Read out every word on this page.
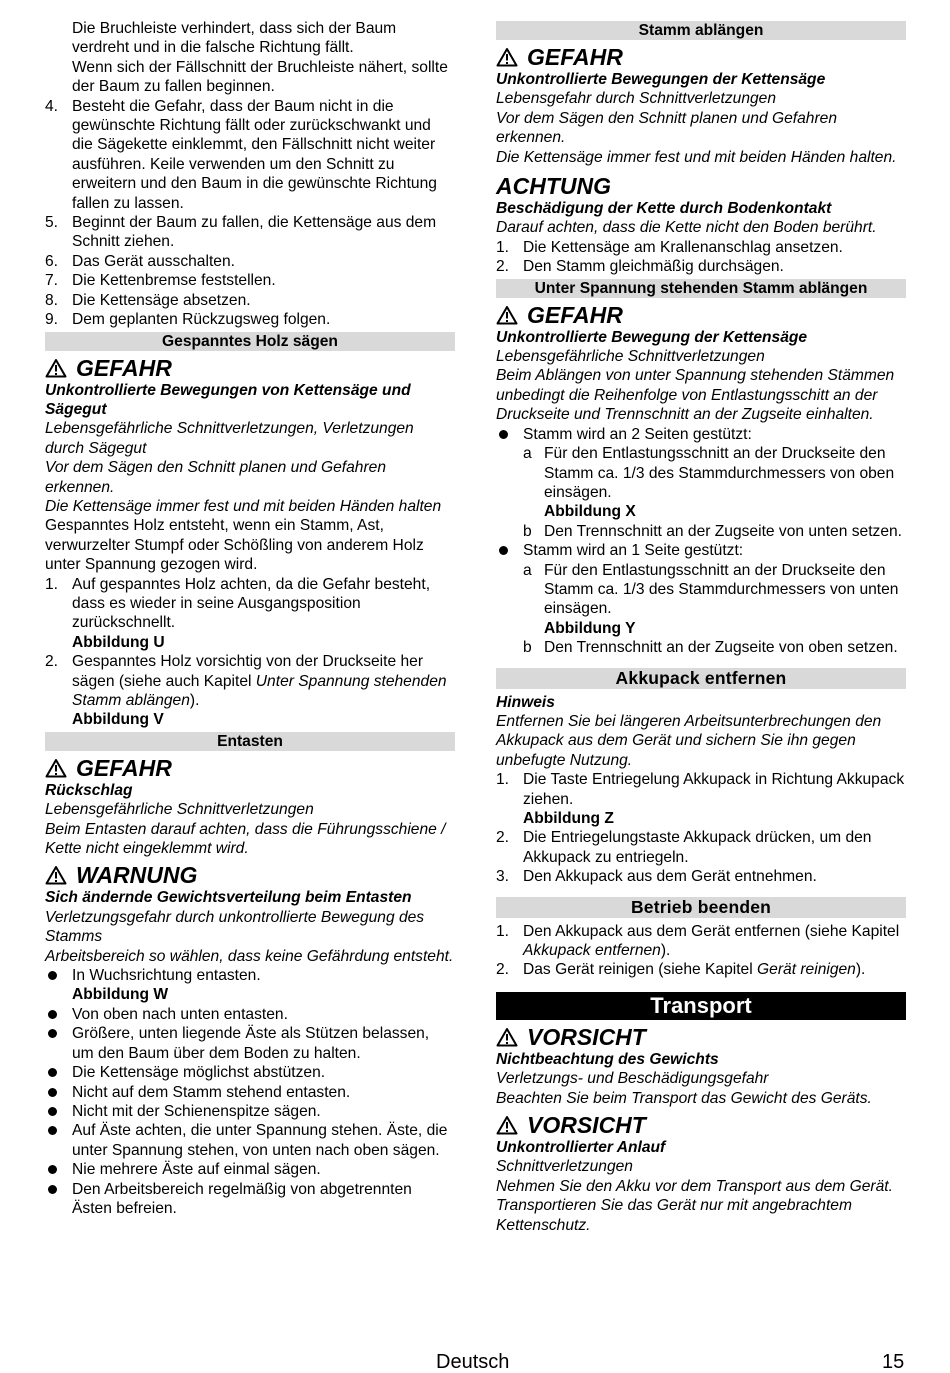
Die Bruchleiste verhindert, dass sich der Baum verdreht und in die falsche Richtung fällt.

Wenn sich der Fällschnitt der Bruchleiste nähert, sollte der Baum zu fallen beginnen.

4. Besteht die Gefahr, dass der Baum nicht in die gewünschte Richtung fällt oder zurückschwankt und die Sägekette einklemmt, den Fällschnitt nicht weiter ausführen. Keile verwenden um den Schnitt zu erweitern und den Baum in die gewünschte Richtung fallen zu lassen.
5. Beginnt der Baum zu fallen, die Kettensäge aus dem Schnitt ziehen.
6. Das Gerät ausschalten.
7. Die Kettenbremse feststellen.
8. Die Kettensäge absetzen.
9. Dem geplanten Rückzugsweg folgen.
Gespanntes Holz sägen
GEFAHR

Unkontrollierte Bewegungen von Kettensäge und Sägegut

Lebensgefährliche Schnittverletzungen, Verletzungen durch Sägegut

Vor dem Sägen den Schnitt planen und Gefahren erkennen.

Die Kettensäge immer fest und mit beiden Händen halten

Gespanntes Holz entsteht, wenn ein Stamm, Ast, verwurzelter Stumpf oder Schößling von anderem Holz unter Spannung gezogen wird.

1. Auf gespanntes Holz achten, da die Gefahr besteht, dass es wieder in seine Ausgangsposition zurückschnellt.

Abbildung U

2. Gespanntes Holz vorsichtig von der Druckseite her sägen (siehe auch Kapitel Unter Spannung stehenden Stamm ablängen).

Abbildung V

Entasten
GEFAHR

Rückschlag

Lebensgefährliche Schnittverletzungen

Beim Entasten darauf achten, dass die Führungsschiene / Kette nicht eingeklemmt wird.

WARNUNG

Sich ändernde Gewichtsverteilung beim Entasten

Verletzungsgefahr durch unkontrollierte Bewegung des Stamms

Arbeitsbereich so wählen, dass keine Gefährdung entsteht.

In Wuchsrichtung entasten.

Abbildung W

Von oben nach unten entasten.
Größere, unten liegende Äste als Stützen belassen, um den Baum über dem Boden zu halten.
Die Kettensäge möglichst abstützen.
Nicht auf dem Stamm stehend entasten.
Nicht mit der Schienenspitze sägen.
Auf Äste achten, die unter Spannung stehen. Äste, die unter Spannung stehen, von unten nach oben sägen.
Nie mehrere Äste auf einmal sägen.
Den Arbeitsbereich regelmäßig von abgetrennten Ästen befreien.
Stamm ablängen
GEFAHR

Unkontrollierte Bewegungen der Kettensäge

Lebensgefahr durch Schnittverletzungen

Vor dem Sägen den Schnitt planen und Gefahren erkennen.

Die Kettensäge immer fest und mit beiden Händen halten.

ACHTUNG

Beschädigung der Kette durch Bodenkontakt

Darauf achten, dass die Kette nicht den Boden berührt.

1. Die Kettensäge am Krallenanschlag ansetzen.
2. Den Stamm gleichmäßig durchsägen.
Unter Spannung stehenden Stamm ablängen
GEFAHR

Unkontrollierte Bewegung der Kettensäge

Lebensgefährliche Schnittverletzungen

Beim Ablängen von unter Spannung stehenden Stämmen unbedingt die Reihenfolge von Entlastungsschitt an der Druckseite und Trennschnitt an der Zugseite einhalten.

Stamm wird an 2 Seiten gestützt:
a Für den Entlastungsschnitt an der Druckseite den Stamm ca. 1/3 des Stammdurchmessers von oben einsägen.

Abbildung X

b Den Trennschnitt an der Zugseite von unten setzen.
Stamm wird an 1 Seite gestützt:
a Für den Entlastungsschnitt an der Druckseite den Stamm ca. 1/3 des Stammdurchmessers von unten einsägen.

Abbildung Y

b Den Trennschnitt an der Zugseite von oben setzen.
Akkupack entfernen

Hinweis

Entfernen Sie bei längeren Arbeitsunterbrechungen den Akkupack aus dem Gerät und sichern Sie ihn gegen unbefugte Nutzung.

1. Die Taste Entriegelung Akkupack in Richtung Akkupack ziehen.

Abbildung Z

2. Die Entriegelungstaste Akkupack drücken, um den Akkupack zu entriegeln.
3. Den Akkupack aus dem Gerät entnehmen.
Betrieb beenden
1. Den Akkupack aus dem Gerät entfernen (siehe Kapitel Akkupack entfernen).
2. Das Gerät reinigen (siehe Kapitel Gerät reinigen).
Transport
VORSICHT

Nichtbeachtung des Gewichts

Verletzungs- und Beschädigungsgefahr

Beachten Sie beim Transport das Gewicht des Geräts.

VORSICHT

Unkontrollierter Anlauf

Schnittverletzungen

Nehmen Sie den Akku vor dem Transport aus dem Gerät.

Transportieren Sie das Gerät nur mit angebrachtem Kettenschutz.

Deutsch	15
